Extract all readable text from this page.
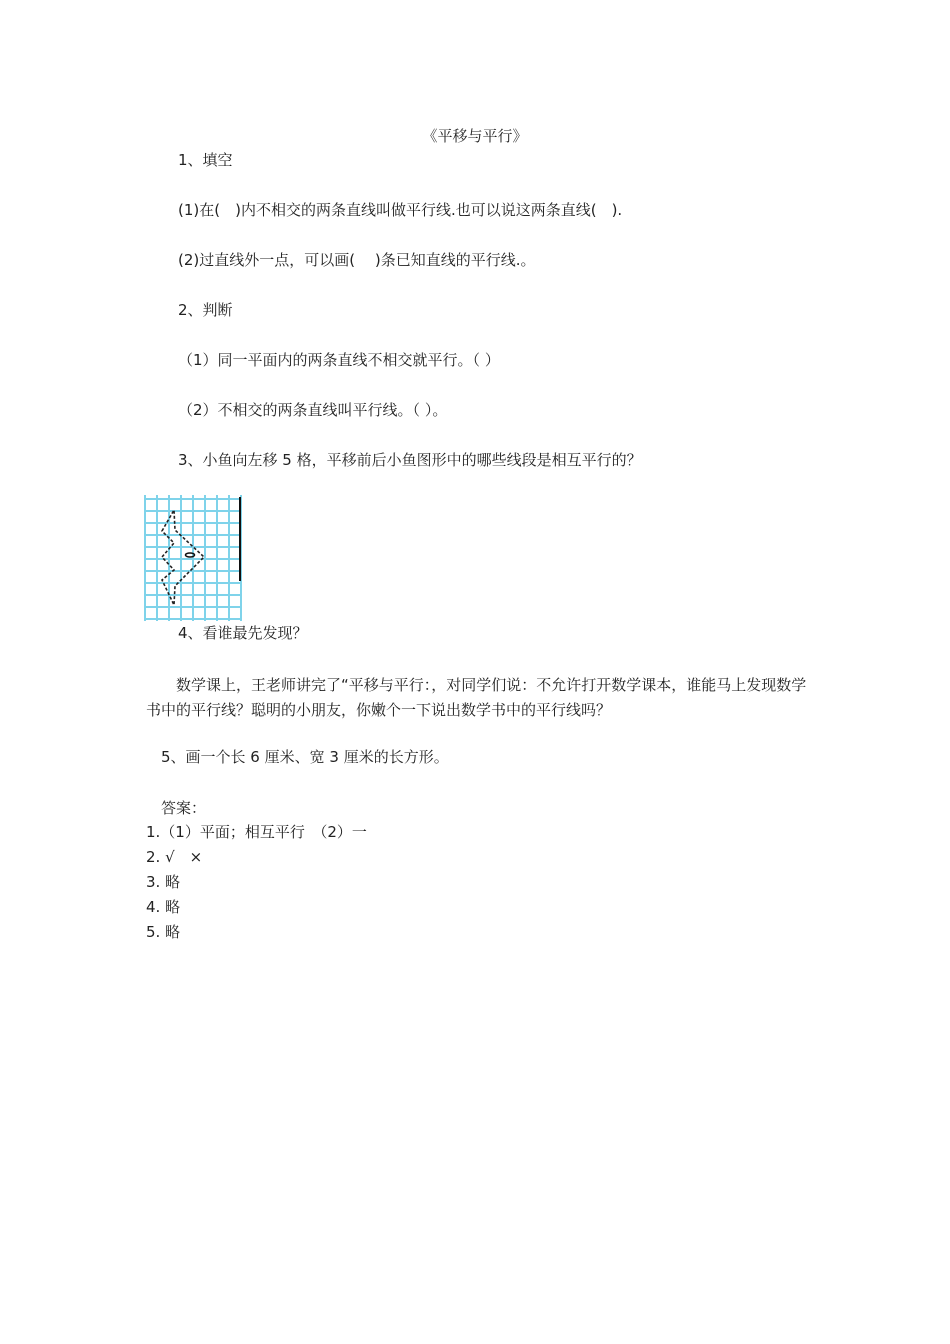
《平移与平行》
1、填空
(1)在(　)内不相交的两条直线叫做平行线.也可以说这两条直线(　).
(2)过直线外一点，可以画(　 )条已知直线的平行线.。
2、判断
（1）同一平面内的两条直线不相交就平行。（ ）
（2）不相交的两条直线叫平行线。（ ）。
3、小鱼向左移 5 格，平移前后小鱼图形中的哪些线段是相互平行的？
4、看谁最先发现？
数学课上，王老师讲完了“平移与平行：，对同学们说：不允许打开数学课本，谁能马上发现数学书中的平行线？聪明的小朋友，你嫩个一下说出数学书中的平行线吗？
5、画一个长 6 厘米、宽 3 厘米的长方形。
答案：
1.（1）平面；相互平行　（2）一
2. √　×
3. 略
4. 略
5. 略
